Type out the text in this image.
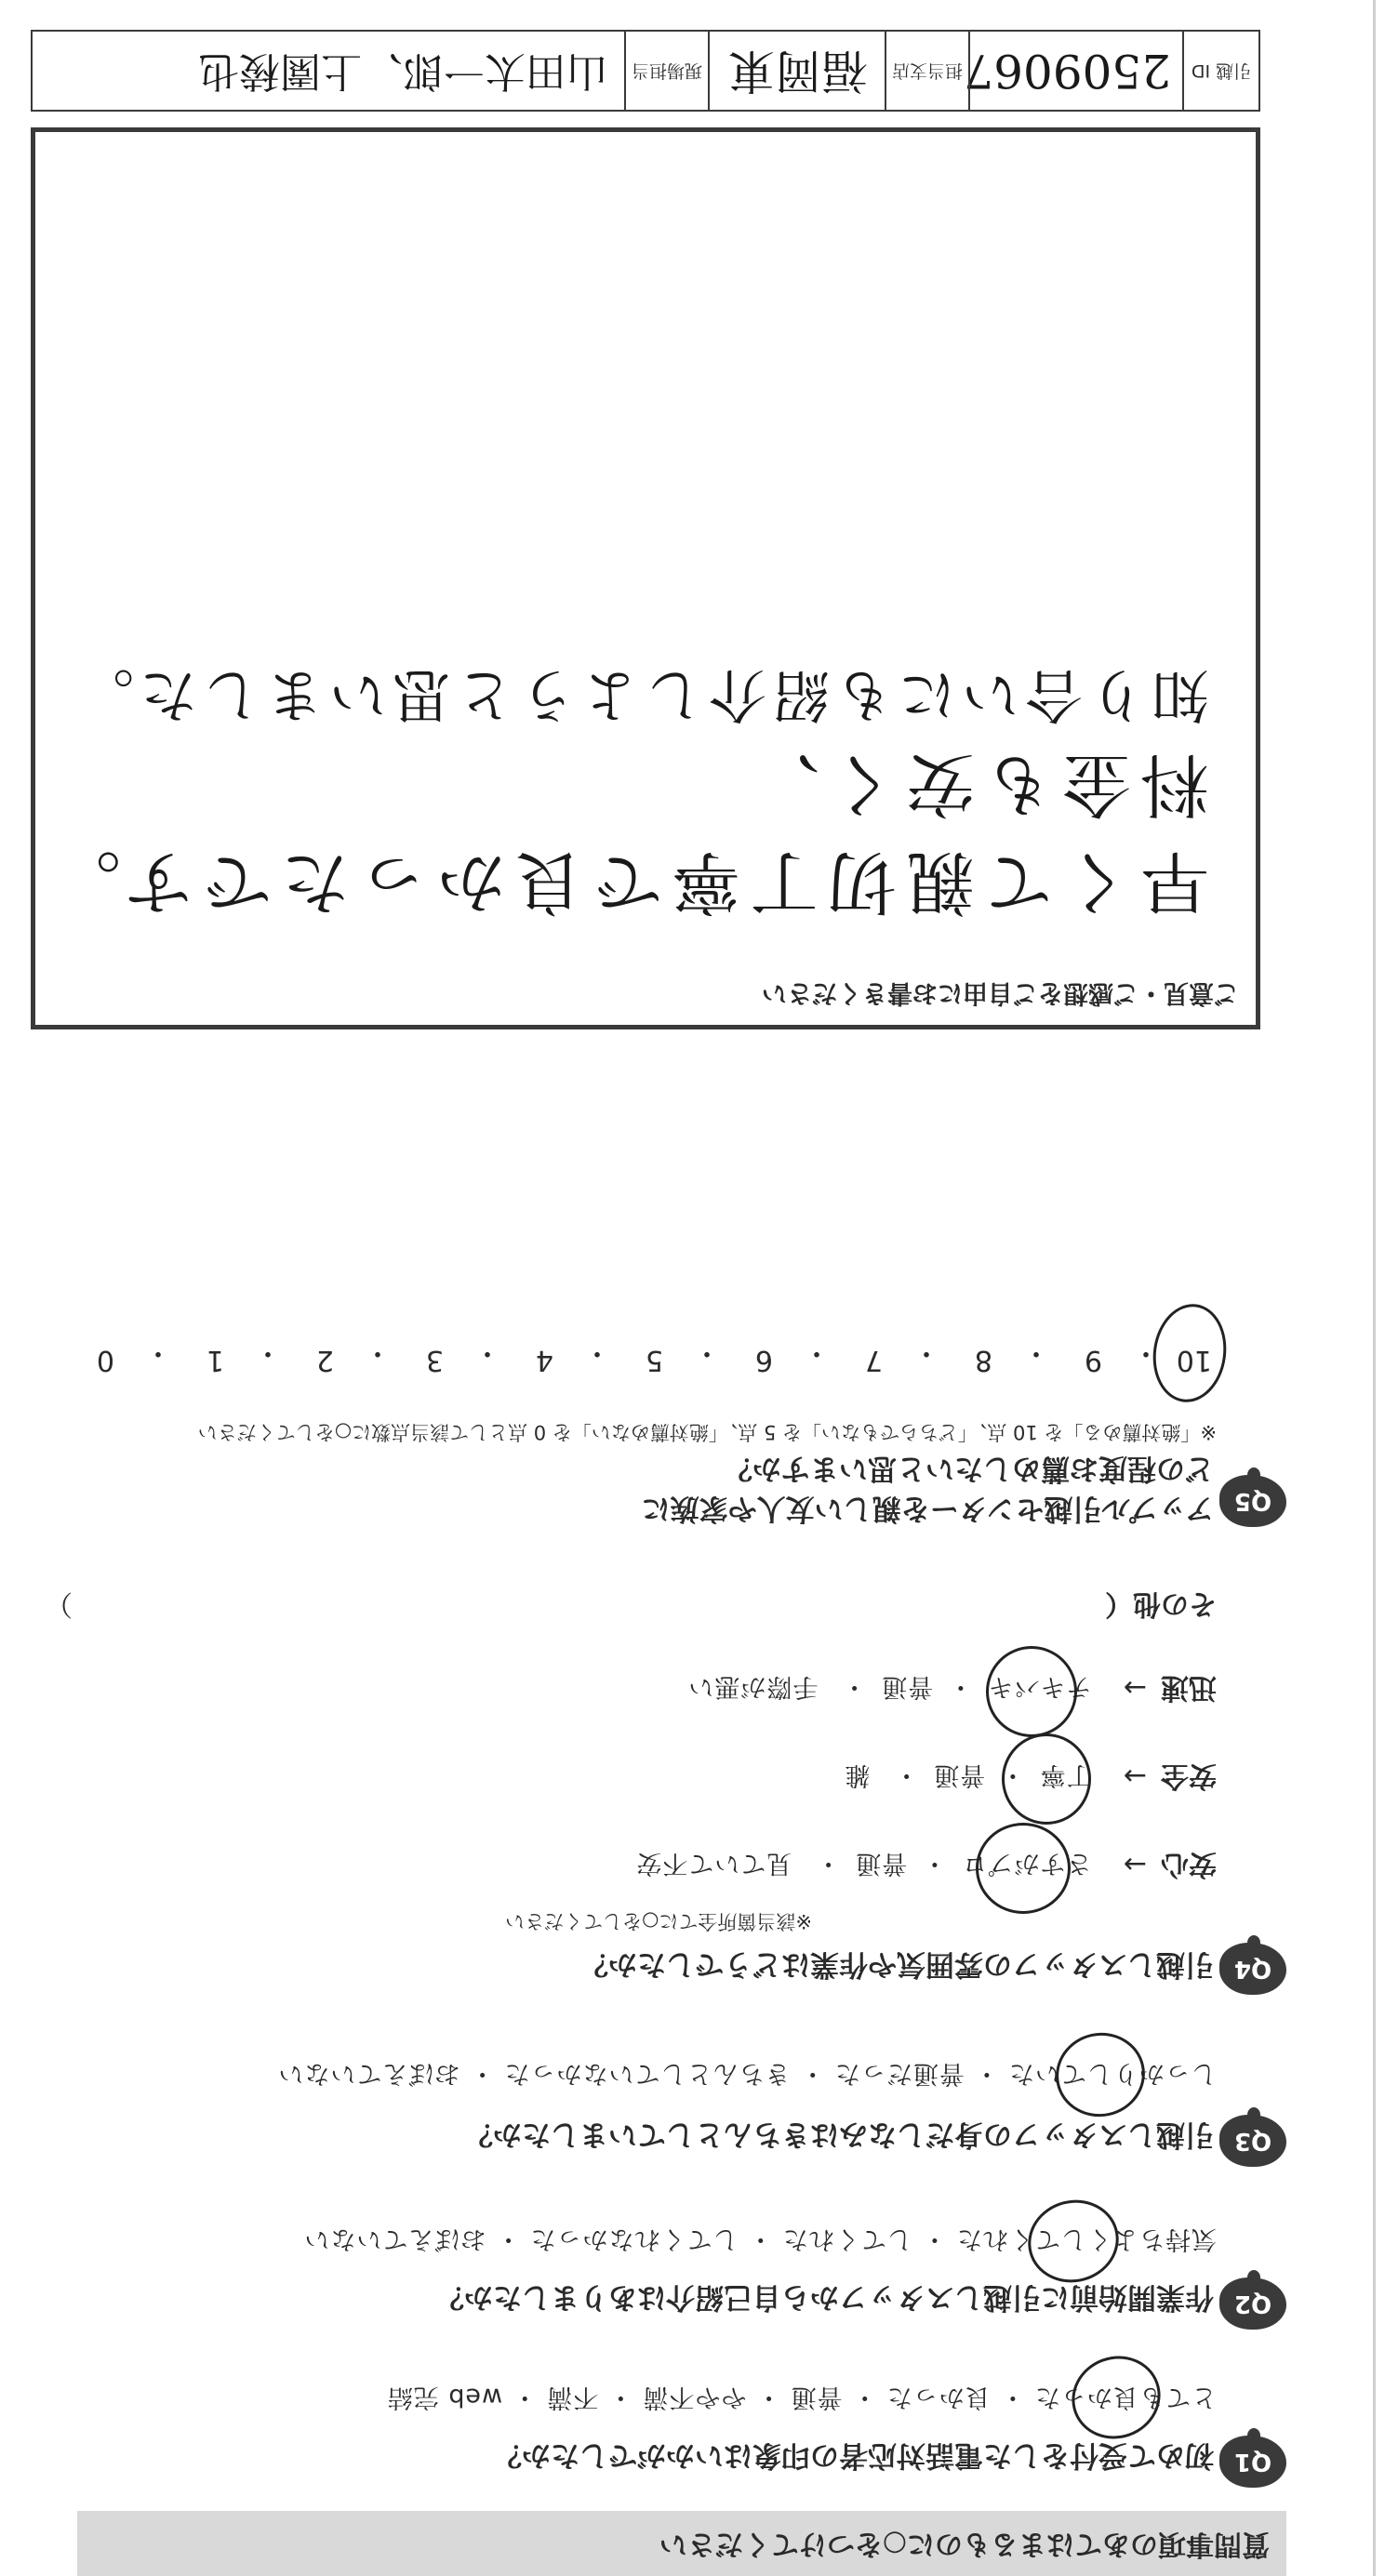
質問事項のあてはまるものに○をつけてください
Q1
初めて受付をした電話対応者の印象はいかがでしたか？
とても良かった ・ 良かった ・ 普通 ・ やや不満 ・ 不満 ・ web 完結
Q2
作業開始前に引越しスタッフから自己紹介はありましたか？
気持ちよくしてくれた ・ してくれた ・ してくれなかった ・ おぼえていない
Q3
引越しスタッフの身だしなみはきちんとしていましたか？
しっかりしていた ・ 普通だった ・ きちんとしていなかった ・ おぼえていない
Q4
引越しスタッフの雰囲気や作業はどうでしたか？
※該当箇所全てに○をしてください
安心  →    さすがプロ  ・  普通  ・   見ていて不安
安全  →    丁寧  ・  普通  ・   雑
迅速  →    テキパキ  ・  普通  ・   手際が悪い
その他（
）
Q5
アップル引越センターを親しい友人や家族に
どの程度お薦めしたいと思いますか？
※「絶対薦める」を 10 点、「どちらでもない」を 5 点、「絶対薦めない」を 0 点として該当点数に○をしてください
10
・
9
・
8
・
7
・
6
・
5
・
4
・
3
・
2
・
1
・
0
ご意見・ご感想をご自由にお書きください
早くて親切丁寧で良かったです。
料金も安く、
知り合いにも紹介しようと思いました。
引越 ID
2509067
担当支店
福岡東
現場担当
山田太一郎、上園稜也
